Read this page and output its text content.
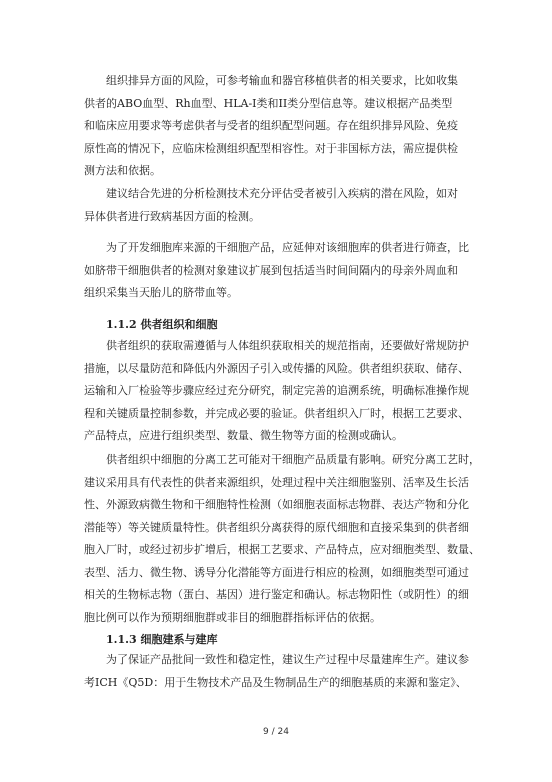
组织排异方面的风险，可参考输血和器官移植供者的相关要求，比如收集

供者的ABO血型、Rh血型、HLA-I类和II类分型信息等。建议根据产品类型

和临床应用要求等考虑供者与受者的组织配型问题。存在组织排异风险、免疫

原性高的情况下，应临床检测组织配型相容性。对于非国标方法，需应提供检

测方法和依据。

建议结合先进的分析检测技术充分评估受者被引入疾病的潜在风险，如对

异体供者进行致病基因方面的检测。

为了开发细胞库来源的干细胞产品，应延伸对该细胞库的供者进行筛查，比

如脐带干细胞供者的检测对象建议扩展到包括适当时间间隔内的母亲外周血和

组织采集当天胎儿的脐带血等。

1.1.2 供者组织和细胞

供者组织的获取需遵循与人体组织获取相关的规范指南，还要做好常规防护

措施，以尽量防范和降低内外源因子引入或传播的风险。供者组织获取、储存、

运输和入厂检验等步骤应经过充分研究，制定完善的追溯系统，明确标准操作规

程和关键质量控制参数，并完成必要的验证。供者组织入厂时，根据工艺要求、

产品特点，应进行组织类型、数量、微生物等方面的检测或确认。

供者组织中细胞的分离工艺可能对干细胞产品质量有影响。研究分离工艺时，

建议采用具有代表性的供者来源组织，处理过程中关注细胞鉴别、活率及生长活

性、外源致病微生物和干细胞特性检测（如细胞表面标志物群、表达产物和分化

潜能等）等关键质量特性。供者组织分离获得的原代细胞和直接采集到的供者细

胞入厂时，或经过初步扩增后，根据工艺要求、产品特点，应对细胞类型、数量、

表型、活力、微生物、诱导分化潜能等方面进行相应的检测，如细胞类型可通过

相关的生物标志物（蛋白、基因）进行鉴定和确认。标志物阳性（或阴性）的细

胞比例可以作为预期细胞群或非目的细胞群指标评估的依据。

1.1.3 细胞建系与建库

为了保证产品批间一致性和稳定性，建议生产过程中尽量建库生产。建议参

考ICH《Q5D：用于生物技术产品及生物制品生产的细胞基质的来源和鉴定》、

9 / 24
